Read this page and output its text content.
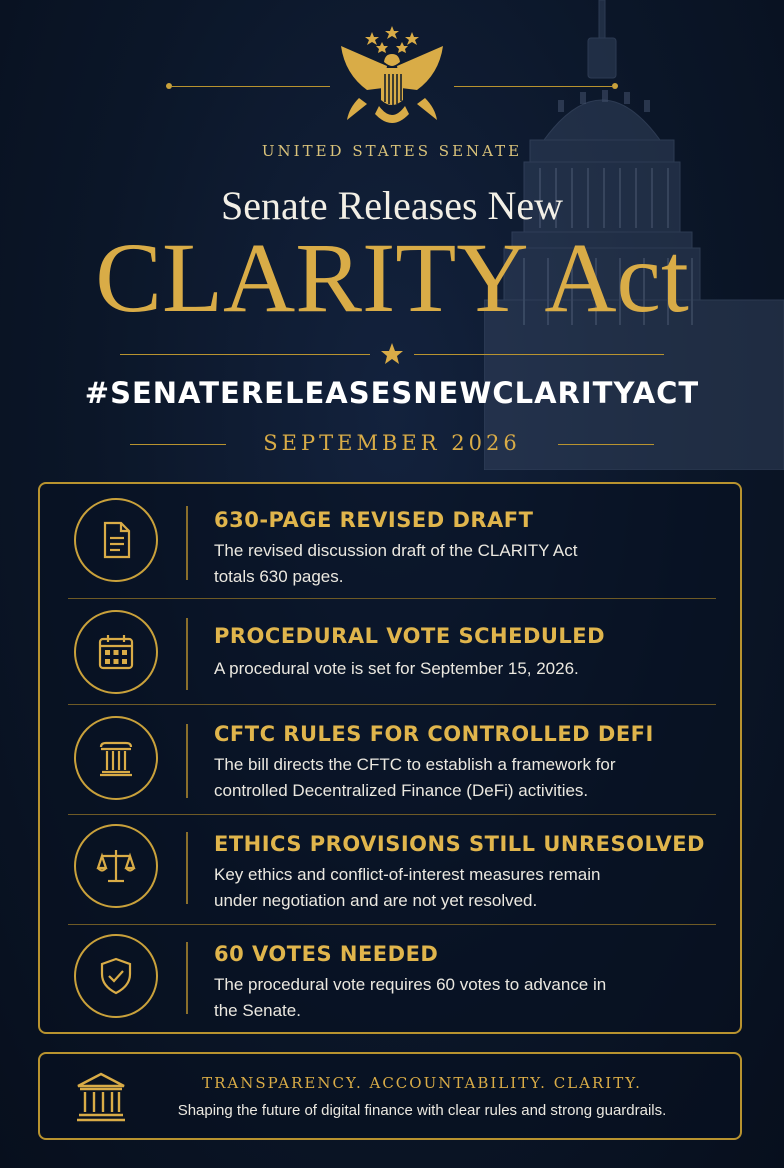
UNITED STATES SENATE
Senate Releases New
CLARITY Act
#SENATERELEASESNEWCLARITYACT
SEPTEMBER 2026
630-PAGE REVISED DRAFT
The revised discussion draft of the CLARITY Act
totals 630 pages.
PROCEDURAL VOTE SCHEDULED
A procedural vote is set for September 15, 2026.
CFTC RULES FOR CONTROLLED DEFI
The bill directs the CFTC to establish a framework for
controlled Decentralized Finance (DeFi) activities.
ETHICS PROVISIONS STILL UNRESOLVED
Key ethics and conflict-of-interest measures remain
under negotiation and are not yet resolved.
60 VOTES NEEDED
The procedural vote requires 60 votes to advance in
the Senate.
TRANSPARENCY. ACCOUNTABILITY. CLARITY.
Shaping the future of digital finance with clear rules and strong guardrails.
